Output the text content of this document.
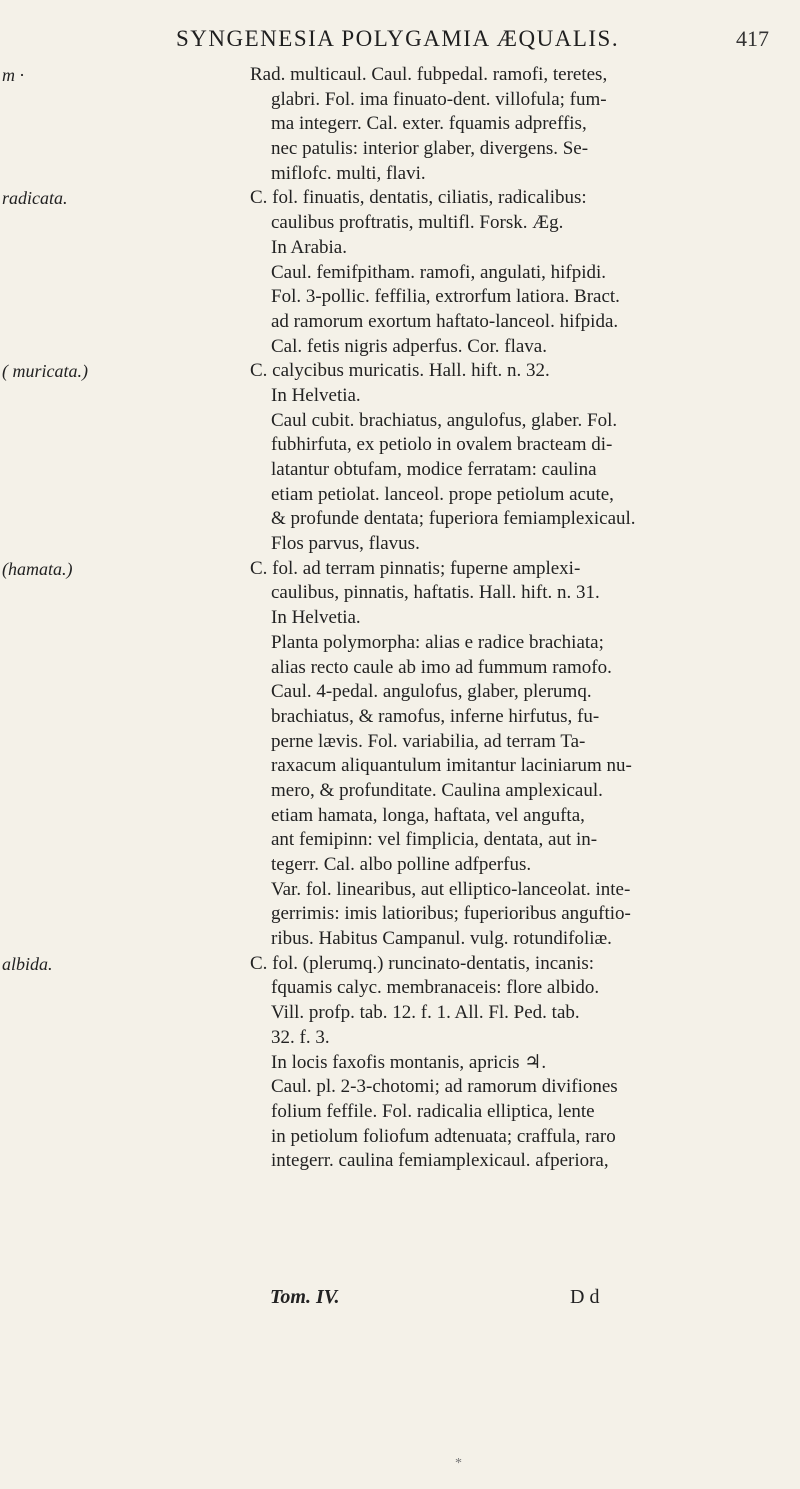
SYNGENESIA POLYGAMIA ÆQUALIS.	417
m ·	Rad. multicaul. Caul. fubpedal. ramofi, teretes,
glabri. Fol. ima finuato-dent. villofula; fum-
ma integerr. Cal. exter. fquamis adpreffis,
nec patulis: interior glaber, divergens. Se-
miflofc. multi, flavi.
radicata.	C. fol. finuatis, dentatis, ciliatis, radicalibus:
caulibus proftratis, multifl. Forsk. Æg.
In Arabia.
Caul. femifpitham. ramofi, angulati, hifpidi.
Fol. 3-pollic. feffilia, extrorfum latiora. Bract.
ad ramorum exortum haftato-lanceol. hifpida.
Cal. fetis nigris adperfus. Cor. flava.
( muricata.)	C. calycibus muricatis. Hall. hift. n. 32.
In Helvetia.
Caul cubit. brachiatus, angulofus, glaber. Fol.
fubhirfuta, ex petiolo in ovalem bracteam di-
latantur obtufam, modice ferratam: caulina
etiam petiolat. lanceol. prope petiolum acute,
& profunde dentata; fuperiora femiamplexicaul.
Flos parvus, flavus.
(hamata.)	C. fol. ad terram pinnatis; fuperne amplexi-
caulibus, pinnatis, haftatis. Hall. hift. n. 31.
In Helvetia.
Planta polymorpha: alias e radice brachiata;
alias recto caule ab imo ad fummum ramofo.
Caul. 4-pedal. angulofus, glaber, plerumq.
brachiatus, & ramofus, inferne hirfutus, fu-
perne lævis. Fol. variabilia, ad terram Ta-
raxacum aliquantulum imitantur laciniarum nu-
mero, & profunditate. Caulina amplexicaul.
etiam hamata, longa, haftata, vel angufta,
ant femipinn: vel fimplicia, dentata, aut in-
tegerr. Cal. albo polline adfperfus.
Var. fol. linearibus, aut elliptico-lanceolat. inte-
gerrimis: imis latioribus; fuperioribus anguftio-
ribus. Habitus Campanul. vulg. rotundifoliæ.
albida.	C. fol. (plerumq.) runcinato-dentatis, incanis:
fquamis calyc. membranaceis: flore albido.
Vill. profp. tab. 12. f. 1. All. Fl. Ped. tab.
32. f. 3.
In locis faxofis montanis, apricis ♃.
Caul. pl. 2-3-chotomi; ad ramorum divifiones
folium feffile. Fol. radicalia elliptica, lente
in petiolum foliofum adtenuata; craffula, raro
integerr. caulina femiamplexicaul. afperiora,
Tom. IV.	D d
*
